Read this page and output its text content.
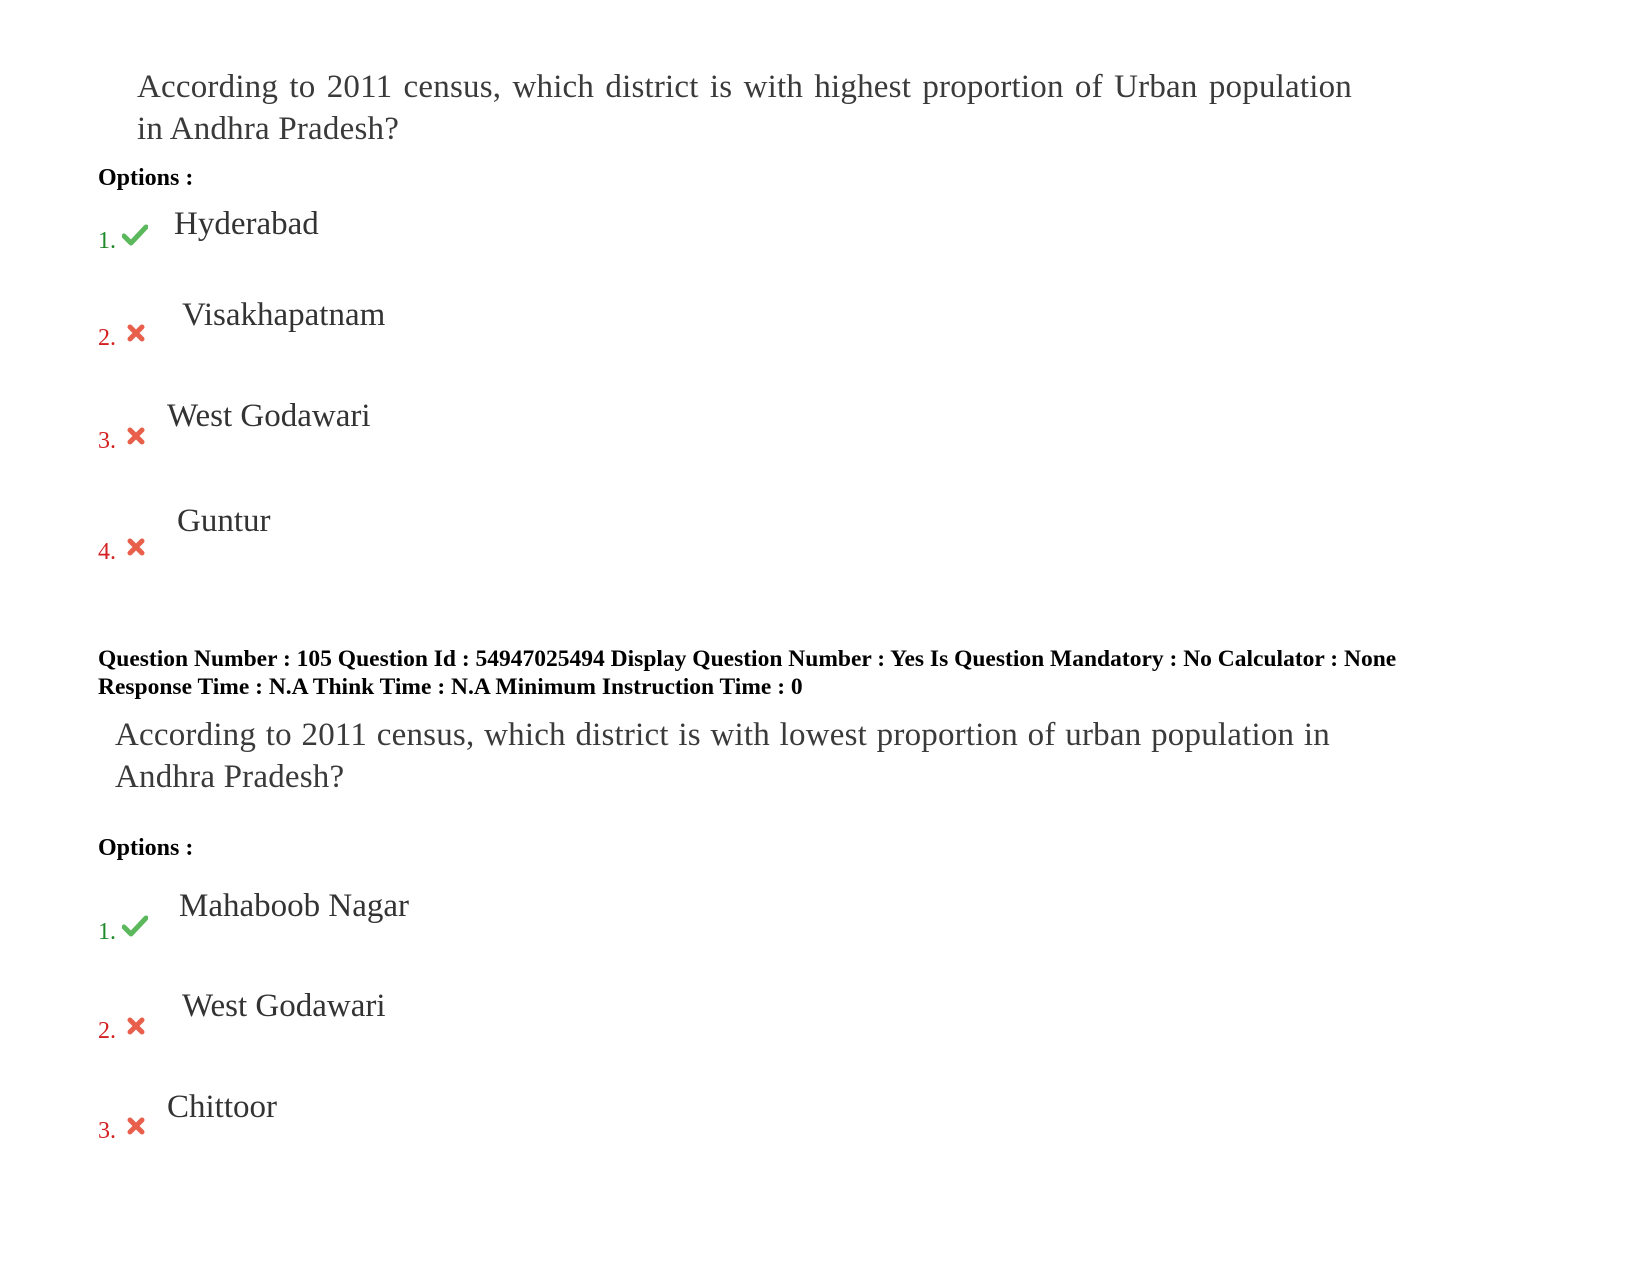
According to 2011 census, which district is with highest proportion of Urban population in Andhra Pradesh?
Options :
1. Hyderabad
2.
Visakhapatnam
3.
West Godawari
4.
Guntur
Question Number : 105 Question Id : 54947025494 Display Question Number : Yes Is Question Mandatory : No Calculator : None
Response Time : N.A Think Time : N.A Minimum Instruction Time : 0
According to 2011 census, which district is with lowest proportion of urban population in Andhra Pradesh?
Options :
1.
Mahaboob Nagar
2.
West Godawari
3.
Chittoor
